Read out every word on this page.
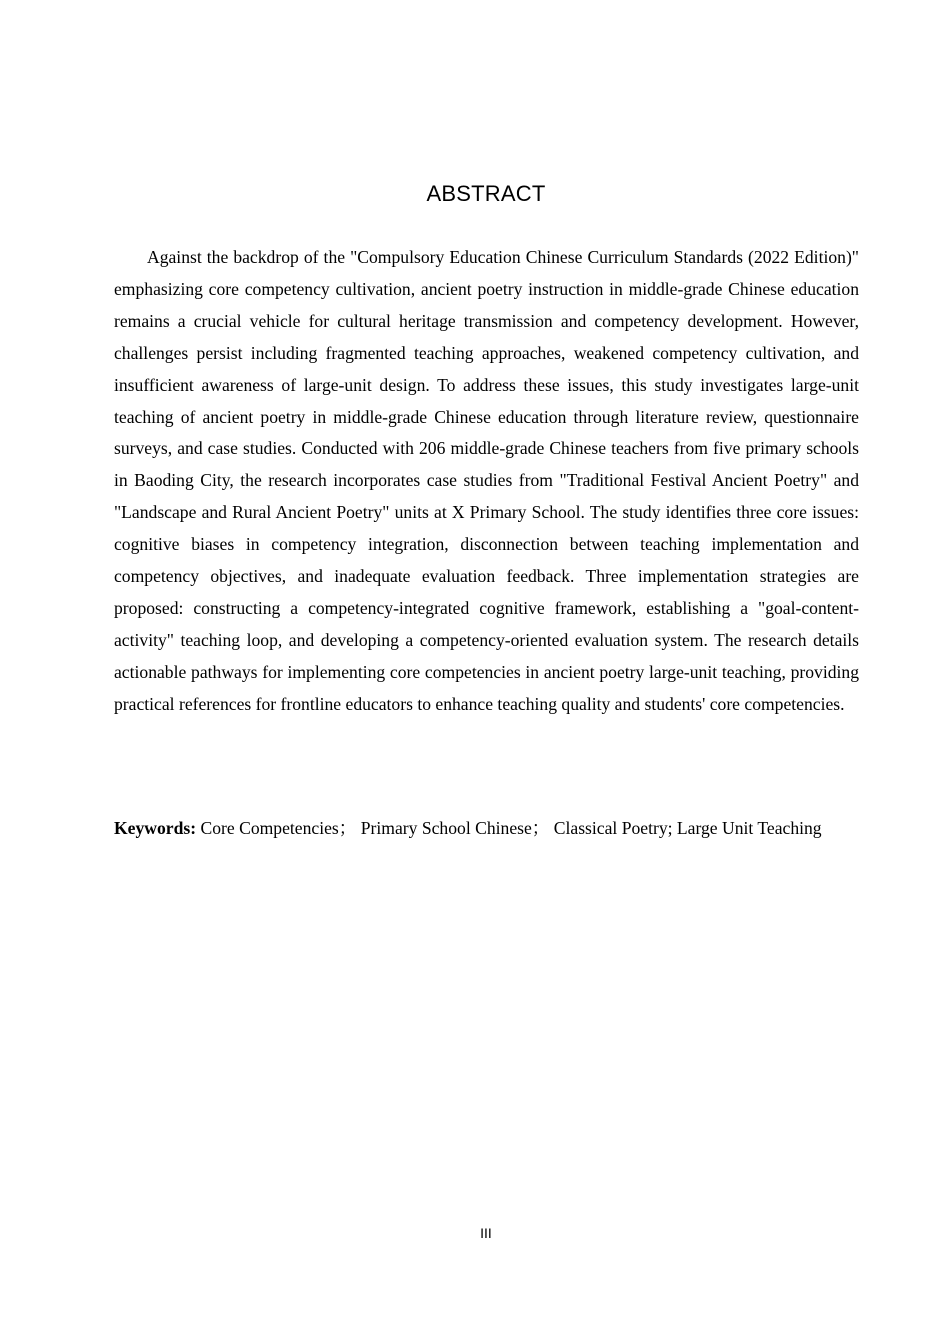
ABSTRACT

Against the backdrop of the "Compulsory Education Chinese Curriculum Standards (2022 Edition)" emphasizing core competency cultivation, ancient poetry instruction in middle-grade Chinese education remains a crucial vehicle for cultural heritage transmission and competency development. However, challenges persist including fragmented teaching approaches, weakened competency cultivation, and insufficient awareness of large-unit design. To address these issues, this study investigates large-unit teaching of ancient poetry in middle-grade Chinese education through literature review, questionnaire surveys, and case studies. Conducted with 206 middle-grade Chinese teachers from five primary schools in Baoding City, the research incorporates case studies from "Traditional Festival Ancient Poetry" and "Landscape and Rural Ancient Poetry" units at X Primary School. The study identifies three core issues: cognitive biases in competency integration, disconnection between teaching implementation and competency objectives, and inadequate evaluation feedback. Three implementation strategies are proposed: constructing a competency-integrated cognitive framework, establishing a "goal-content-activity" teaching loop, and developing a competency-oriented evaluation system. The research details actionable pathways for implementing core competencies in ancient poetry large-unit teaching, providing practical references for frontline educators to enhance teaching quality and students' core competencies.

Keywords: Core Competencies； Primary School Chinese； Classical Poetry; Large Unit Teaching

III
